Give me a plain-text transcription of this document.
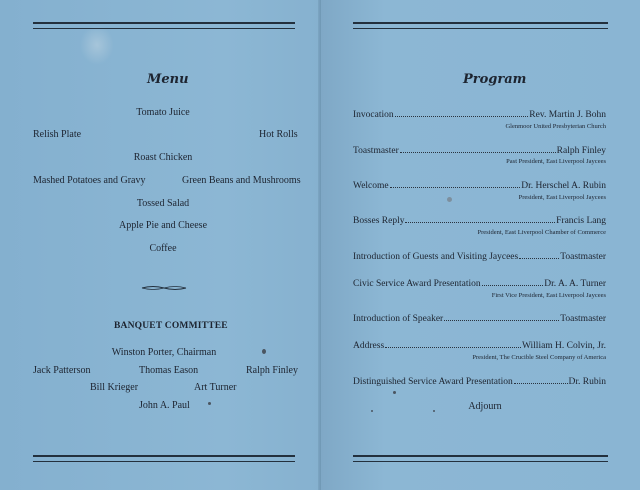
Menu
Tomato Juice
Relish Plate	Hot Rolls
Roast Chicken
Mashed Potatoes and Gravy	Green Beans and Mushrooms
Tossed Salad
Apple Pie and Cheese
Coffee
BANQUET COMMITTEE
Winston Porter, Chairman
Jack Patterson	Thomas Eason	Ralph Finley
Bill Krieger	Art Turner
John A. Paul
Program
Invocation	Rev. Martin J. Bohn
Glenmoor United Presbyterian Church
Toastmaster	Ralph Finley
Past President, East Liverpool Jaycees
Welcome	Dr. Herschel A. Rubin
President, East Liverpool Jaycees
Bosses Reply	Francis Lang
President, East Liverpool Chamber of Commerce
Introduction of Guests and Visiting Jaycees	Toastmaster
Civic Service Award Presentation	Dr. A. A. Turner
First Vice President, East Liverpool Jaycees
Introduction of Speaker	Toastmaster
Address	William H. Colvin, Jr.
President, The Crucible Steel Company of America
Distinguished Service Award Presentation	Dr. Rubin
Adjourn
